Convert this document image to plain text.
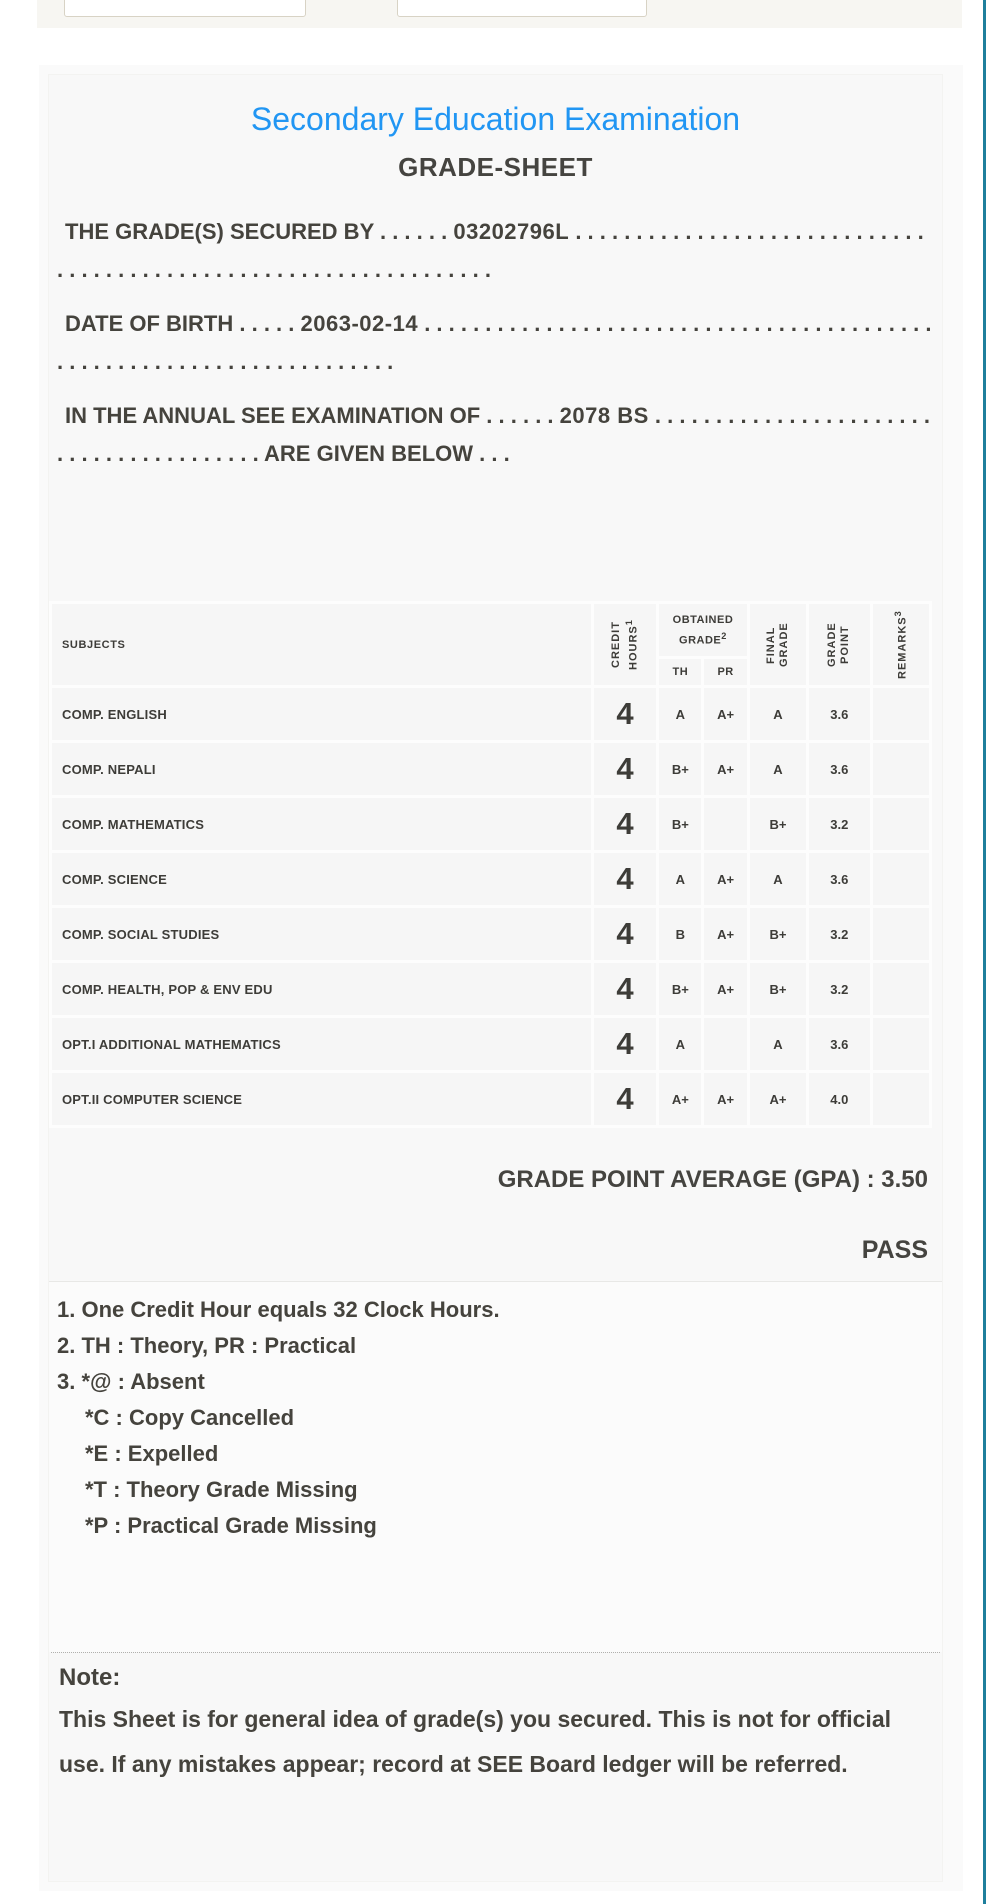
Secondary Education Examination
GRADE-SHEET

THE GRADE(S) SECURED BY . . . . . . 03202796L . . . . . . . . . . . . . . . . . . . . . . . . . . . . . . . . . . . . . . . . . . . . . . . . . . . . . . . . . . . . . . . . .

DATE OF BIRTH . . . . . 2063-02-14 . . . . . . . . . . . . . . . . . . . . . . . . . . . . . . . . . . . . . . . . . . . . . . . . . . . . . . . . . . . . . . . . . . . . . .

IN THE ANNUAL SEE EXAMINATION OF . . . . . . 2078 BS . . . . . . . . . . . . . . . . . . . . . . . . . . . . . . . . . . . . . . . . ARE GIVEN BELOW . . .

SUBJECTS	CREDIT HOURS$^1$	OBTAINED GRADE$^2$		FINAL GRADE	GRADE POINT	REMARKS$^3$

		TH	PR			
COMP. ENGLISH	4	A	A+	A	3.6	
COMP. NEPALI	4	B+	A+	A	3.6	
COMP. MATHEMATICS	4	B+		B+	3.2	
COMP. SCIENCE	4	A	A+	A	3.6	
COMP. SOCIAL STUDIES	4	B	A+	B+	3.2	
COMP. HEALTH, POP & ENV EDU	4	B+	A+	B+	3.2	
OPT.I ADDITIONAL MATHEMATICS	4	A		A	3.6	
OPT.II COMPUTER SCIENCE	4	A+	A+	A+	4.0	
GRADE POINT AVERAGE (GPA) : 3.50
PASS
1. One Credit Hour equals 32 Clock Hours.
2. TH : Theory, PR : Practical
3. *@ : Absent
*C : Copy Cancelled
*E : Expelled
*T : Theory Grade Missing
*P : Practical Grade Missing
Note:
This Sheet is for general idea of grade(s) you secured. This is not for official use. If any mistakes appear; record at SEE Board ledger will be referred.
